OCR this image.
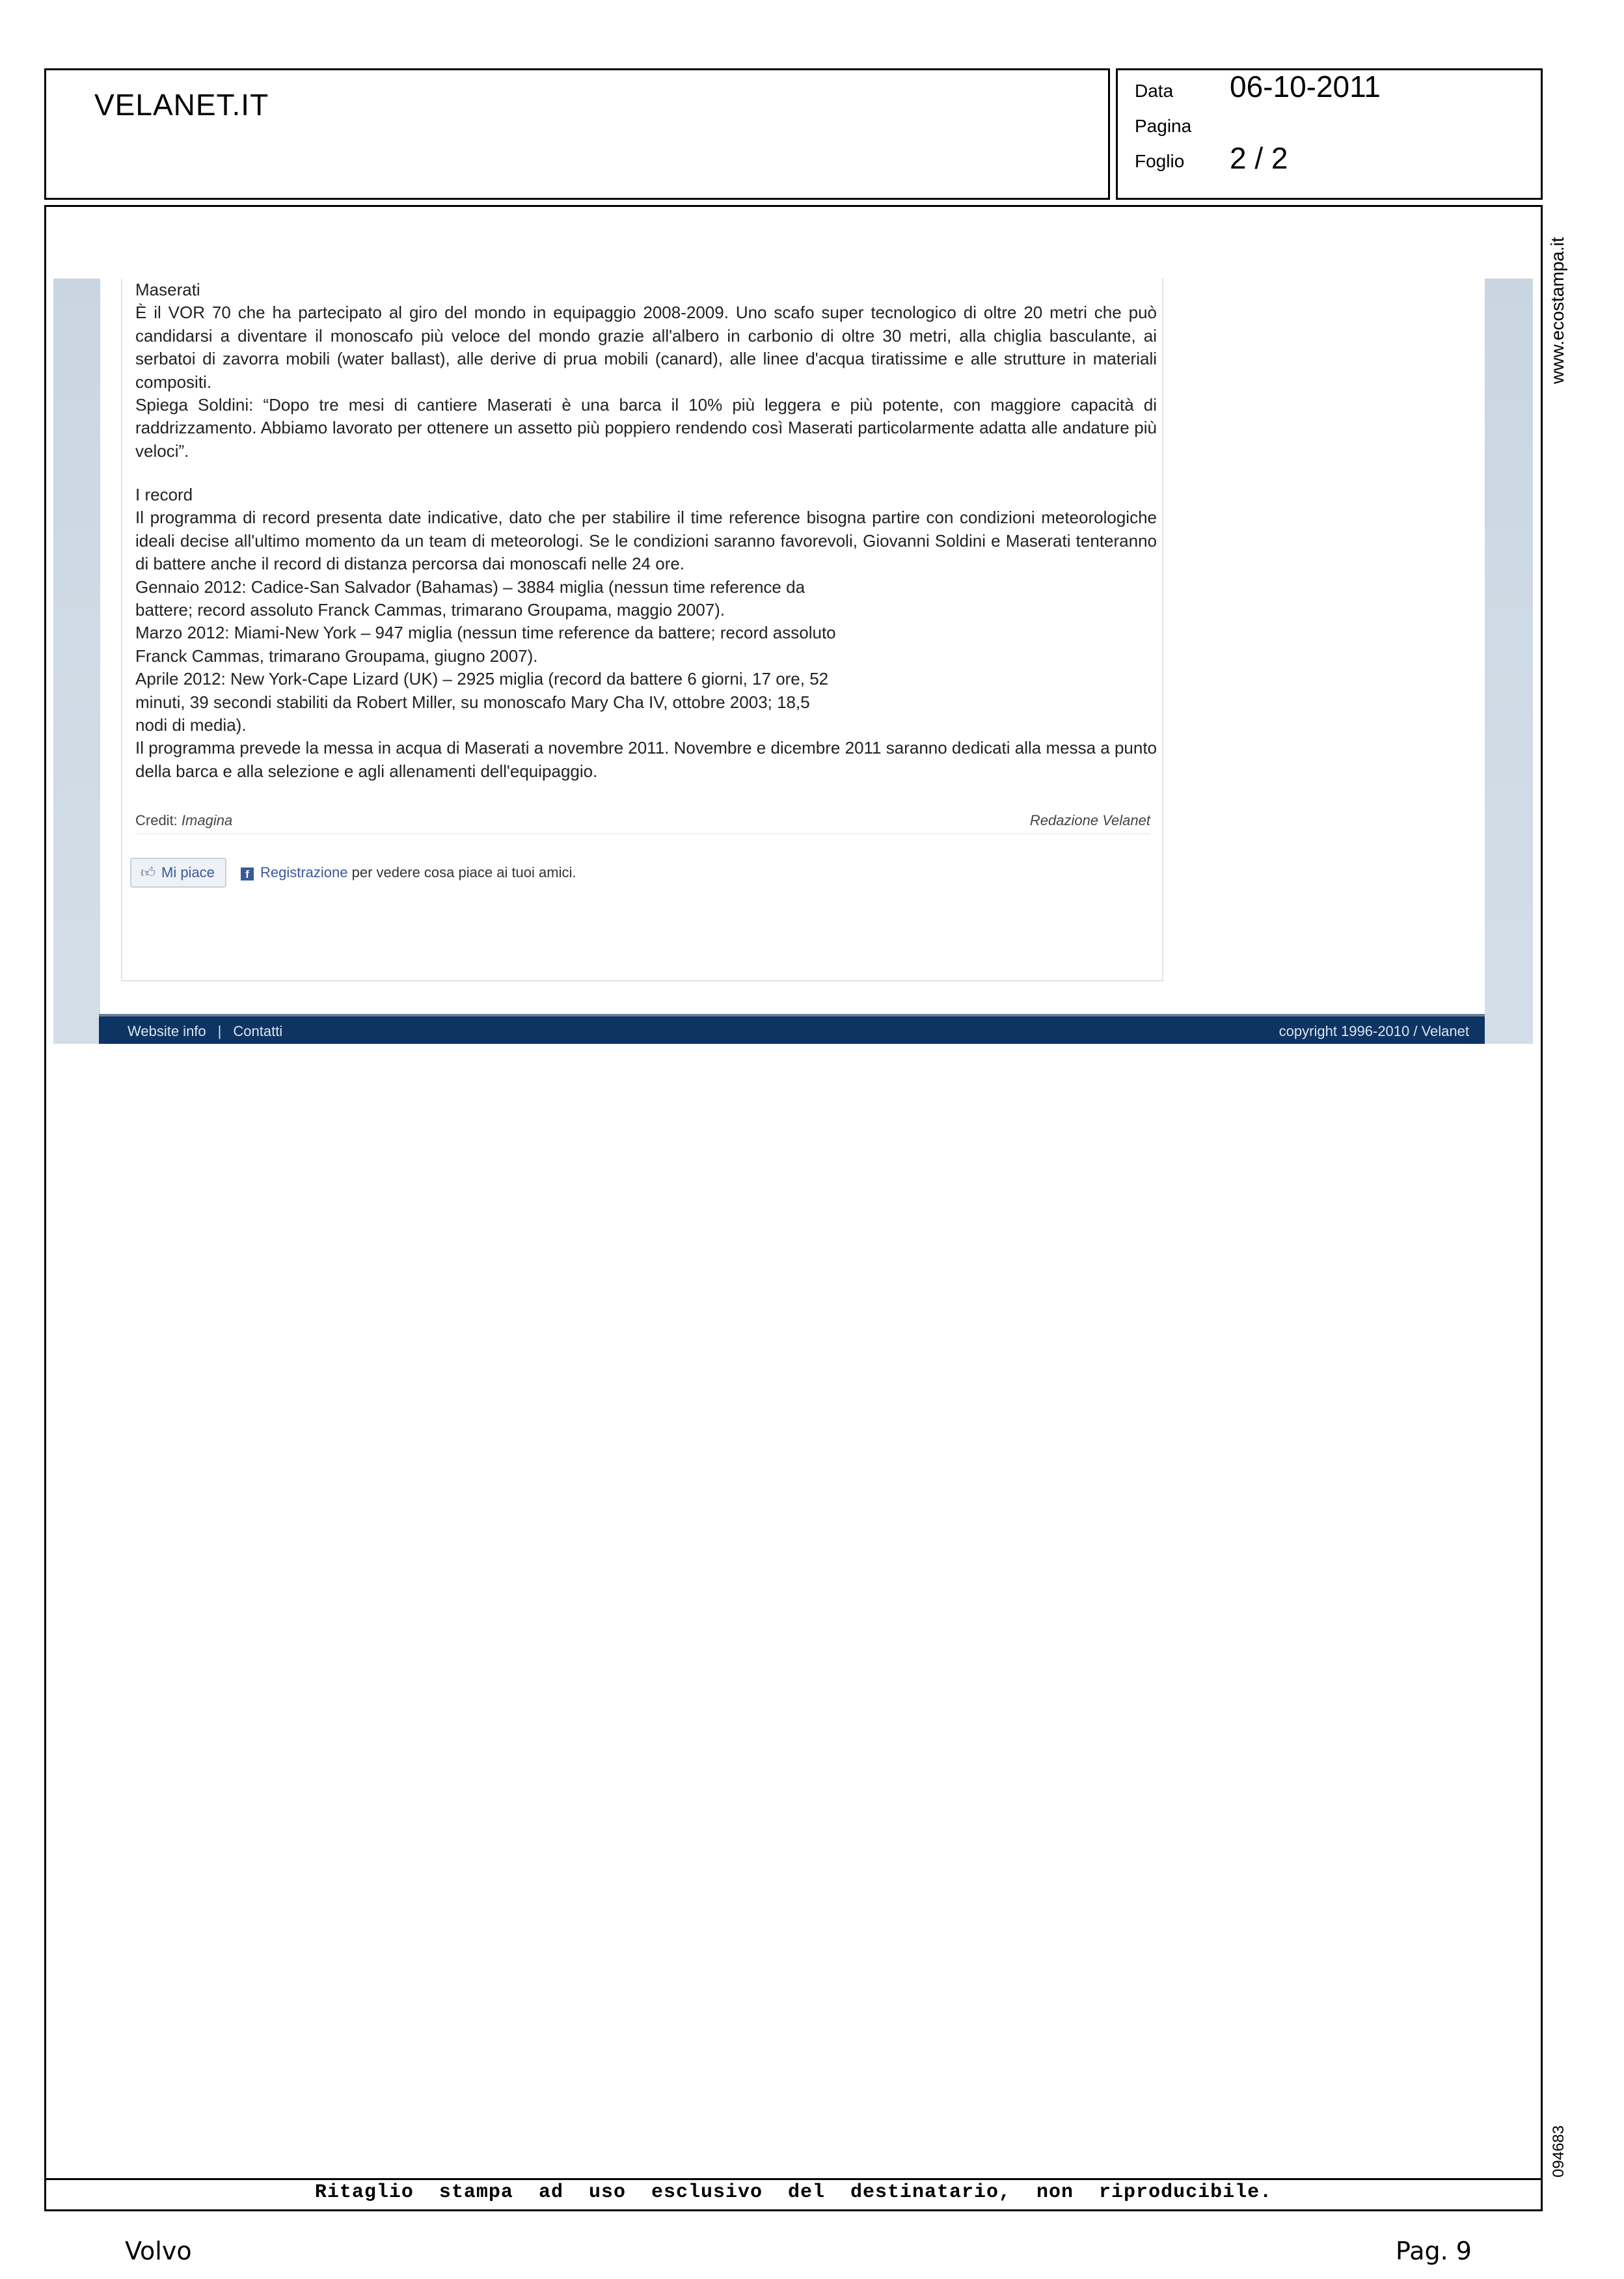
VELANET.IT	Data 06-10-2011
Pagina
Foglio 2 / 2
Ritaglio stampa ad uso esclusivo del destinatario, non riproducibile.
www.ecostampa.it
094683
Maserati
È il VOR 70 che ha partecipato al giro del mondo in equipaggio 2008-2009. Uno scafo super tecnologico di oltre 20 metri che può candidarsi a diventare il monoscafo più veloce del mondo grazie all'albero in carbonio di oltre 30 metri, alla chiglia basculante, ai serbatoi di zavorra mobili (water ballast), alle derive di prua mobili (canard), alle linee d'acqua tiratissime e alle strutture in materiali compositi.
Spiega Soldini: “Dopo tre mesi di cantiere Maserati è una barca il 10% più leggera e più potente, con maggiore capacità di raddrizzamento. Abbiamo lavorato per ottenere un assetto più poppiero rendendo così Maserati particolarmente adatta alle andature più veloci”.
I record
Il programma di record presenta date indicative, dato che per stabilire il time reference bisogna partire con condizioni meteorologiche ideali decise all'ultimo momento da un team di meteorologi. Se le condizioni saranno favorevoli, Giovanni Soldini e Maserati tenteranno di battere anche il record di distanza percorsa dai monoscafi nelle 24 ore.
Gennaio 2012: Cadice-San Salvador (Bahamas) – 3884 miglia (nessun time reference da
battere; record assoluto Franck Cammas, trimarano Groupama, maggio 2007).
Marzo 2012: Miami-New York – 947 miglia (nessun time reference da battere; record assoluto
Franck Cammas, trimarano Groupama, giugno 2007).
Aprile 2012: New York-Cape Lizard (UK) – 2925 miglia (record da battere 6 giorni, 17 ore, 52
minuti, 39 secondi stabiliti da Robert Miller, su monoscafo Mary Cha IV, ottobre 2003; 18,5
nodi di media).
Il programma prevede la messa in acqua di Maserati a novembre 2011. Novembre e dicembre 2011 saranno dedicati alla messa a punto della barca e alla selezione e agli allenamenti dell'equipaggio.
Credit: Imagina	Redazione Velanet
👍︎ Mi piace	f Registrazione per vedere cosa piace ai tuoi amici.
Website info | Contatti	copyright 1996-2010 / Velanet
Volvo	Pag. 9
